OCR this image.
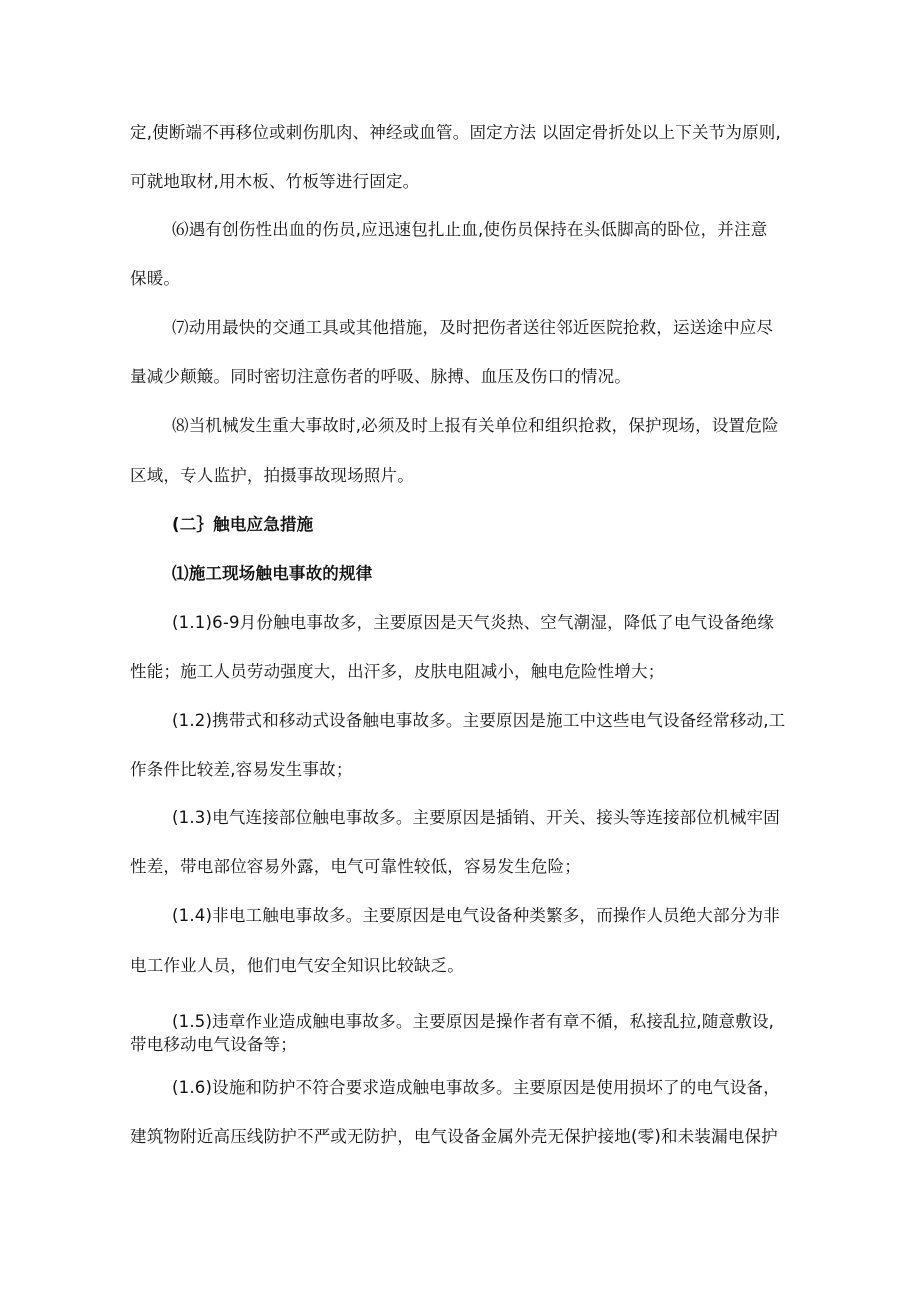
定,使断端不再移位或刺伤肌肉、神经或血管。固定方法 以固定骨折处以上下关节为原则,
可就地取材,用木板、竹板等进行固定。
⑹遇有创伤性出血的伤员,应迅速包扎止血,使伤员保持在头低脚高的卧位，并注意
保暖。
⑺动用最快的交通工具或其他措施，及时把伤者送往邻近医院抢救，运送途中应尽
量减少颠簸。同时密切注意伤者的呼吸、脉搏、血压及伤口的情况。
⑻当机械发生重大事故时,必须及时上报有关单位和组织抢救，保护现场，设置危险
区域，专人监护，拍摄事故现场照片。
(二｝触电应急措施
⑴施工现场触电事故的规律
(1.1)6-9月份触电事故多，主要原因是天气炎热、空气潮湿，降低了电气设备绝缘
性能；施工人员劳动强度大，出汗多，皮肤电阻减小，触电危险性增大；
(1.2)携带式和移动式设备触电事故多。主要原因是施工中这些电气设备经常移动,工
作条件比较差,容易发生事故；
(1.3)电气连接部位触电事故多。主要原因是插销、开关、接头等连接部位机械牢固
性差，带电部位容易外露，电气可靠性较低，容易发生危险；
(1.4)非电工触电事故多。主要原因是电气设备种类繁多，而操作人员绝大部分为非
电工作业人员，他们电气安全知识比较缺乏。
(1.5)违章作业造成触电事故多。主要原因是操作者有章不循，私接乱拉,随意敷设,
带电移动电气设备等；
(1.6)设施和防护不符合要求造成触电事故多。主要原因是使用损坏了的电气设备，
建筑物附近高压线防护不严或无防护，电气设备金属外壳无保护接地(零)和未装漏电保护
